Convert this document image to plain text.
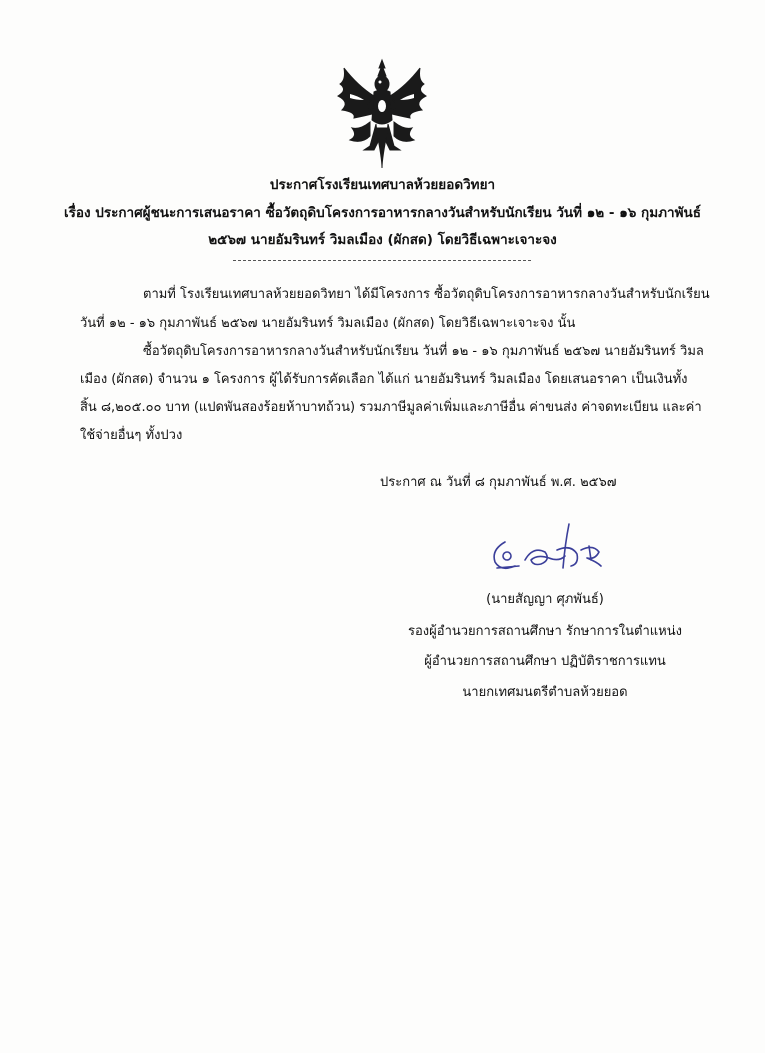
ประกาศโรงเรียนเทศบาลห้วยยอดวิทยา
เรื่อง ประกาศผู้ชนะการเสนอราคา ซื้อวัตถุดิบโครงการอาหารกลางวันสำหรับนักเรียน วันที่ ๑๒ - ๑๖ กุมภาพันธ์
๒๕๖๗ นายอัมรินทร์ วิมลเมือง (ผักสด) โดยวิธีเฉพาะเจาะจง
ตามที่ โรงเรียนเทศบาลห้วยยอดวิทยา ได้มีโครงการ ซื้อวัตถุดิบโครงการอาหารกลางวันสำหรับนักเรียน
วันที่ ๑๒ - ๑๖ กุมภาพันธ์ ๒๕๖๗ นายอัมรินทร์ วิมลเมือง (ผักสด) โดยวิธีเฉพาะเจาะจง นั้น
ซื้อวัตถุดิบโครงการอาหารกลางวันสำหรับนักเรียน วันที่ ๑๒ - ๑๖ กุมภาพันธ์ ๒๕๖๗ นายอัมรินทร์ วิมล
เมือง (ผักสด) จำนวน ๑ โครงการ ผู้ได้รับการคัดเลือก ได้แก่ นายอัมรินทร์ วิมลเมือง โดยเสนอราคา เป็นเงินทั้ง
สิ้น ๘,๒๐๕.๐๐ บาท (แปดพันสองร้อยห้าบาทถ้วน) รวมภาษีมูลค่าเพิ่มและภาษีอื่น ค่าขนส่ง ค่าจดทะเบียน และค่า
ใช้จ่ายอื่นๆ ทั้งปวง
ประกาศ ณ วันที่ ๘ กุมภาพันธ์ พ.ศ. ๒๕๖๗
(นายสัญญา ศุภพันธ์)
รองผู้อำนวยการสถานศึกษา รักษาการในตำแหน่ง
ผู้อำนวยการสถานศึกษา ปฏิบัติราชการแทน
นายกเทศมนตรีตำบลห้วยยอด
